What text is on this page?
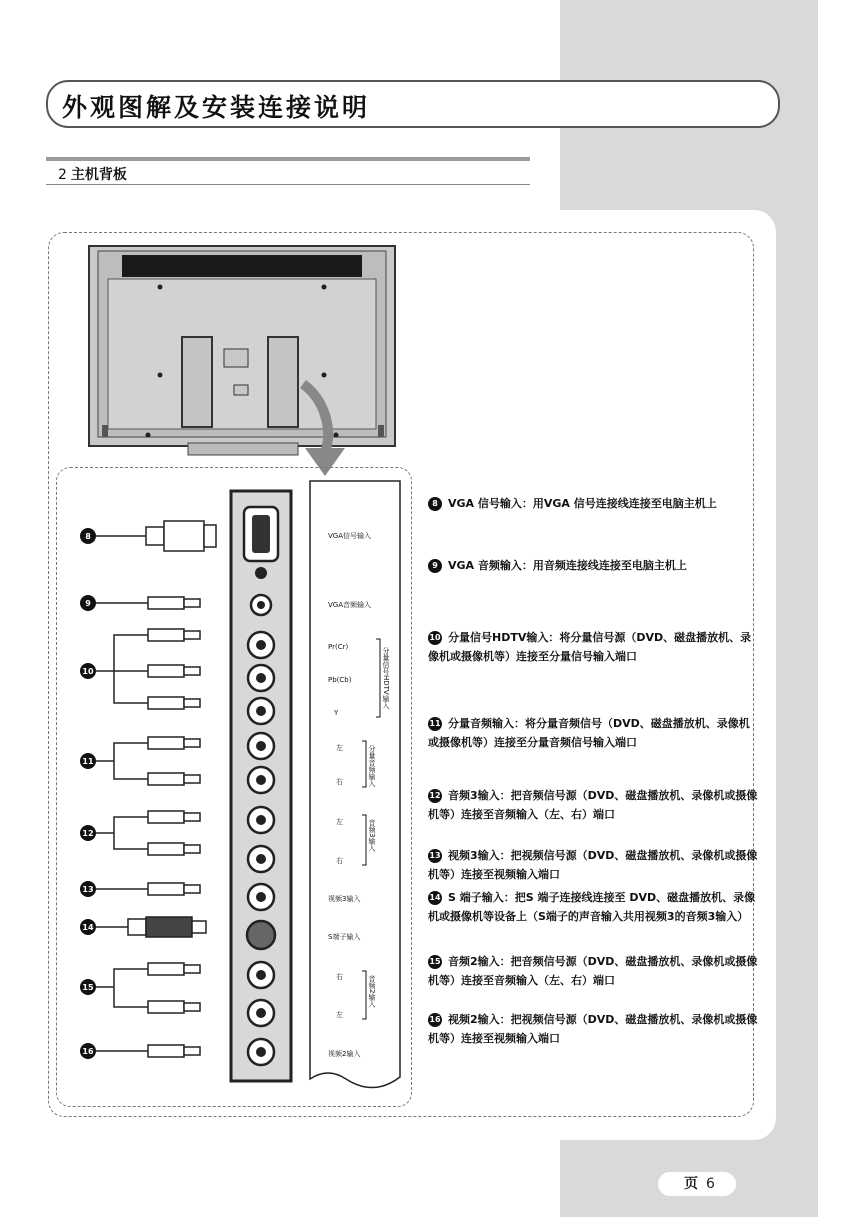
外观图解及安装连接说明
2 主机背板
8
9
10
11
12
13
14
15
16
VGA信号输入
VGA音频输入
Pr(Cr)
Pb(Cb)
Y
左
右
左
右
视频3输入
S端子输入
右
左
视频2输入
分量信号HDTV输入
分量音频输入
音频3输入
音频2输入
8 VGA 信号输入：用VGA 信号连接线连接至电脑主机上
9 VGA 音频输入：用音频连接线连接至电脑主机上
10 分量信号HDTV输入：将分量信号源（DVD、磁盘播放机、录像机或摄像机等）连接至分量信号输入端口
11 分量音频输入：将分量音频信号（DVD、磁盘播放机、录像机或摄像机等）连接至分量音频信号输入端口
12 音频3输入：把音频信号源（DVD、磁盘播放机、录像机或摄像机等）连接至音频输入（左、右）端口
13 视频3输入：把视频信号源（DVD、磁盘播放机、录像机或摄像机等）连接至视频输入端口
14 S 端子输入：把S 端子连接线连接至 DVD、磁盘播放机、录像机或摄像机等设备上（S端子的声音输入共用视频3的音频3输入）
15 音频2输入：把音频信号源（DVD、磁盘播放机、录像机或摄像机等）连接至音频输入（左、右）端口
16 视频2输入：把视频信号源（DVD、磁盘播放机、录像机或摄像机等）连接至视频输入端口
页 6
